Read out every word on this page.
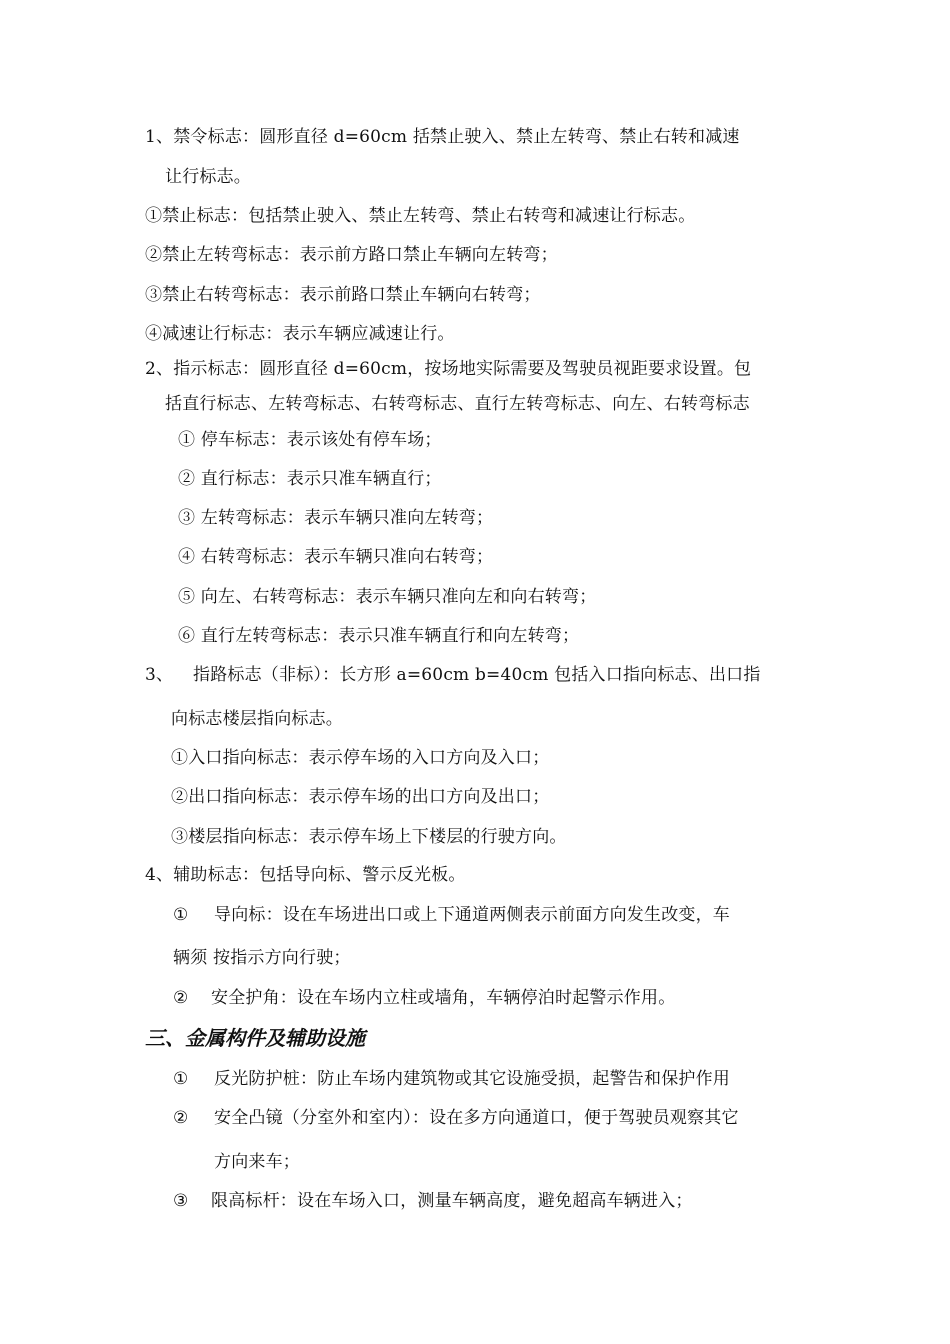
1、禁令标志：圆形直径 d=60cm 括禁止驶入、禁止左转弯、禁止右转和减速
让行标志。
①禁止标志：包括禁止驶入、禁止左转弯、禁止右转弯和减速让行标志。
②禁止左转弯标志：表示前方路口禁止车辆向左转弯；
③禁止右转弯标志：表示前路口禁止车辆向右转弯；
④减速让行标志：表示车辆应减速让行。
2、指示标志：圆形直径 d=60cm，按场地实际需要及驾驶员视距要求设置。包
括直行标志、左转弯标志、右转弯标志、直行左转弯标志、向左、右转弯标志
① 停车标志：表示该处有停车场；
② 直行标志：表示只准车辆直行；
③ 左转弯标志：表示车辆只准向左转弯；
④ 右转弯标志：表示车辆只准向右转弯；
⑤ 向左、右转弯标志：表示车辆只准向左和向右转弯；
⑥ 直行左转弯标志：表示只准车辆直行和向左转弯；
3、 指路标志（非标）：长方形 a=60cm b=40cm 包括入口指向标志、出口指
向标志楼层指向标志。
①入口指向标志：表示停车场的入口方向及入口；
②出口指向标志：表示停车场的出口方向及出口；
③楼层指向标志：表示停车场上下楼层的行驶方向。
4、辅助标志：包括导向标、警示反光板。
① 导向标：设在车场进出口或上下通道两侧表示前面方向发生改变，车
辆须 按指示方向行驶；
② 安全护角：设在车场内立柱或墙角，车辆停泊时起警示作用。
三、金属构件及辅助设施
① 反光防护桩：防止车场内建筑物或其它设施受损，起警告和保护作用
② 安全凸镜（分室外和室内）：设在多方向通道口，便于驾驶员观察其它
方向来车；
③ 限高标杆：设在车场入口，测量车辆高度，避免超高车辆进入；
